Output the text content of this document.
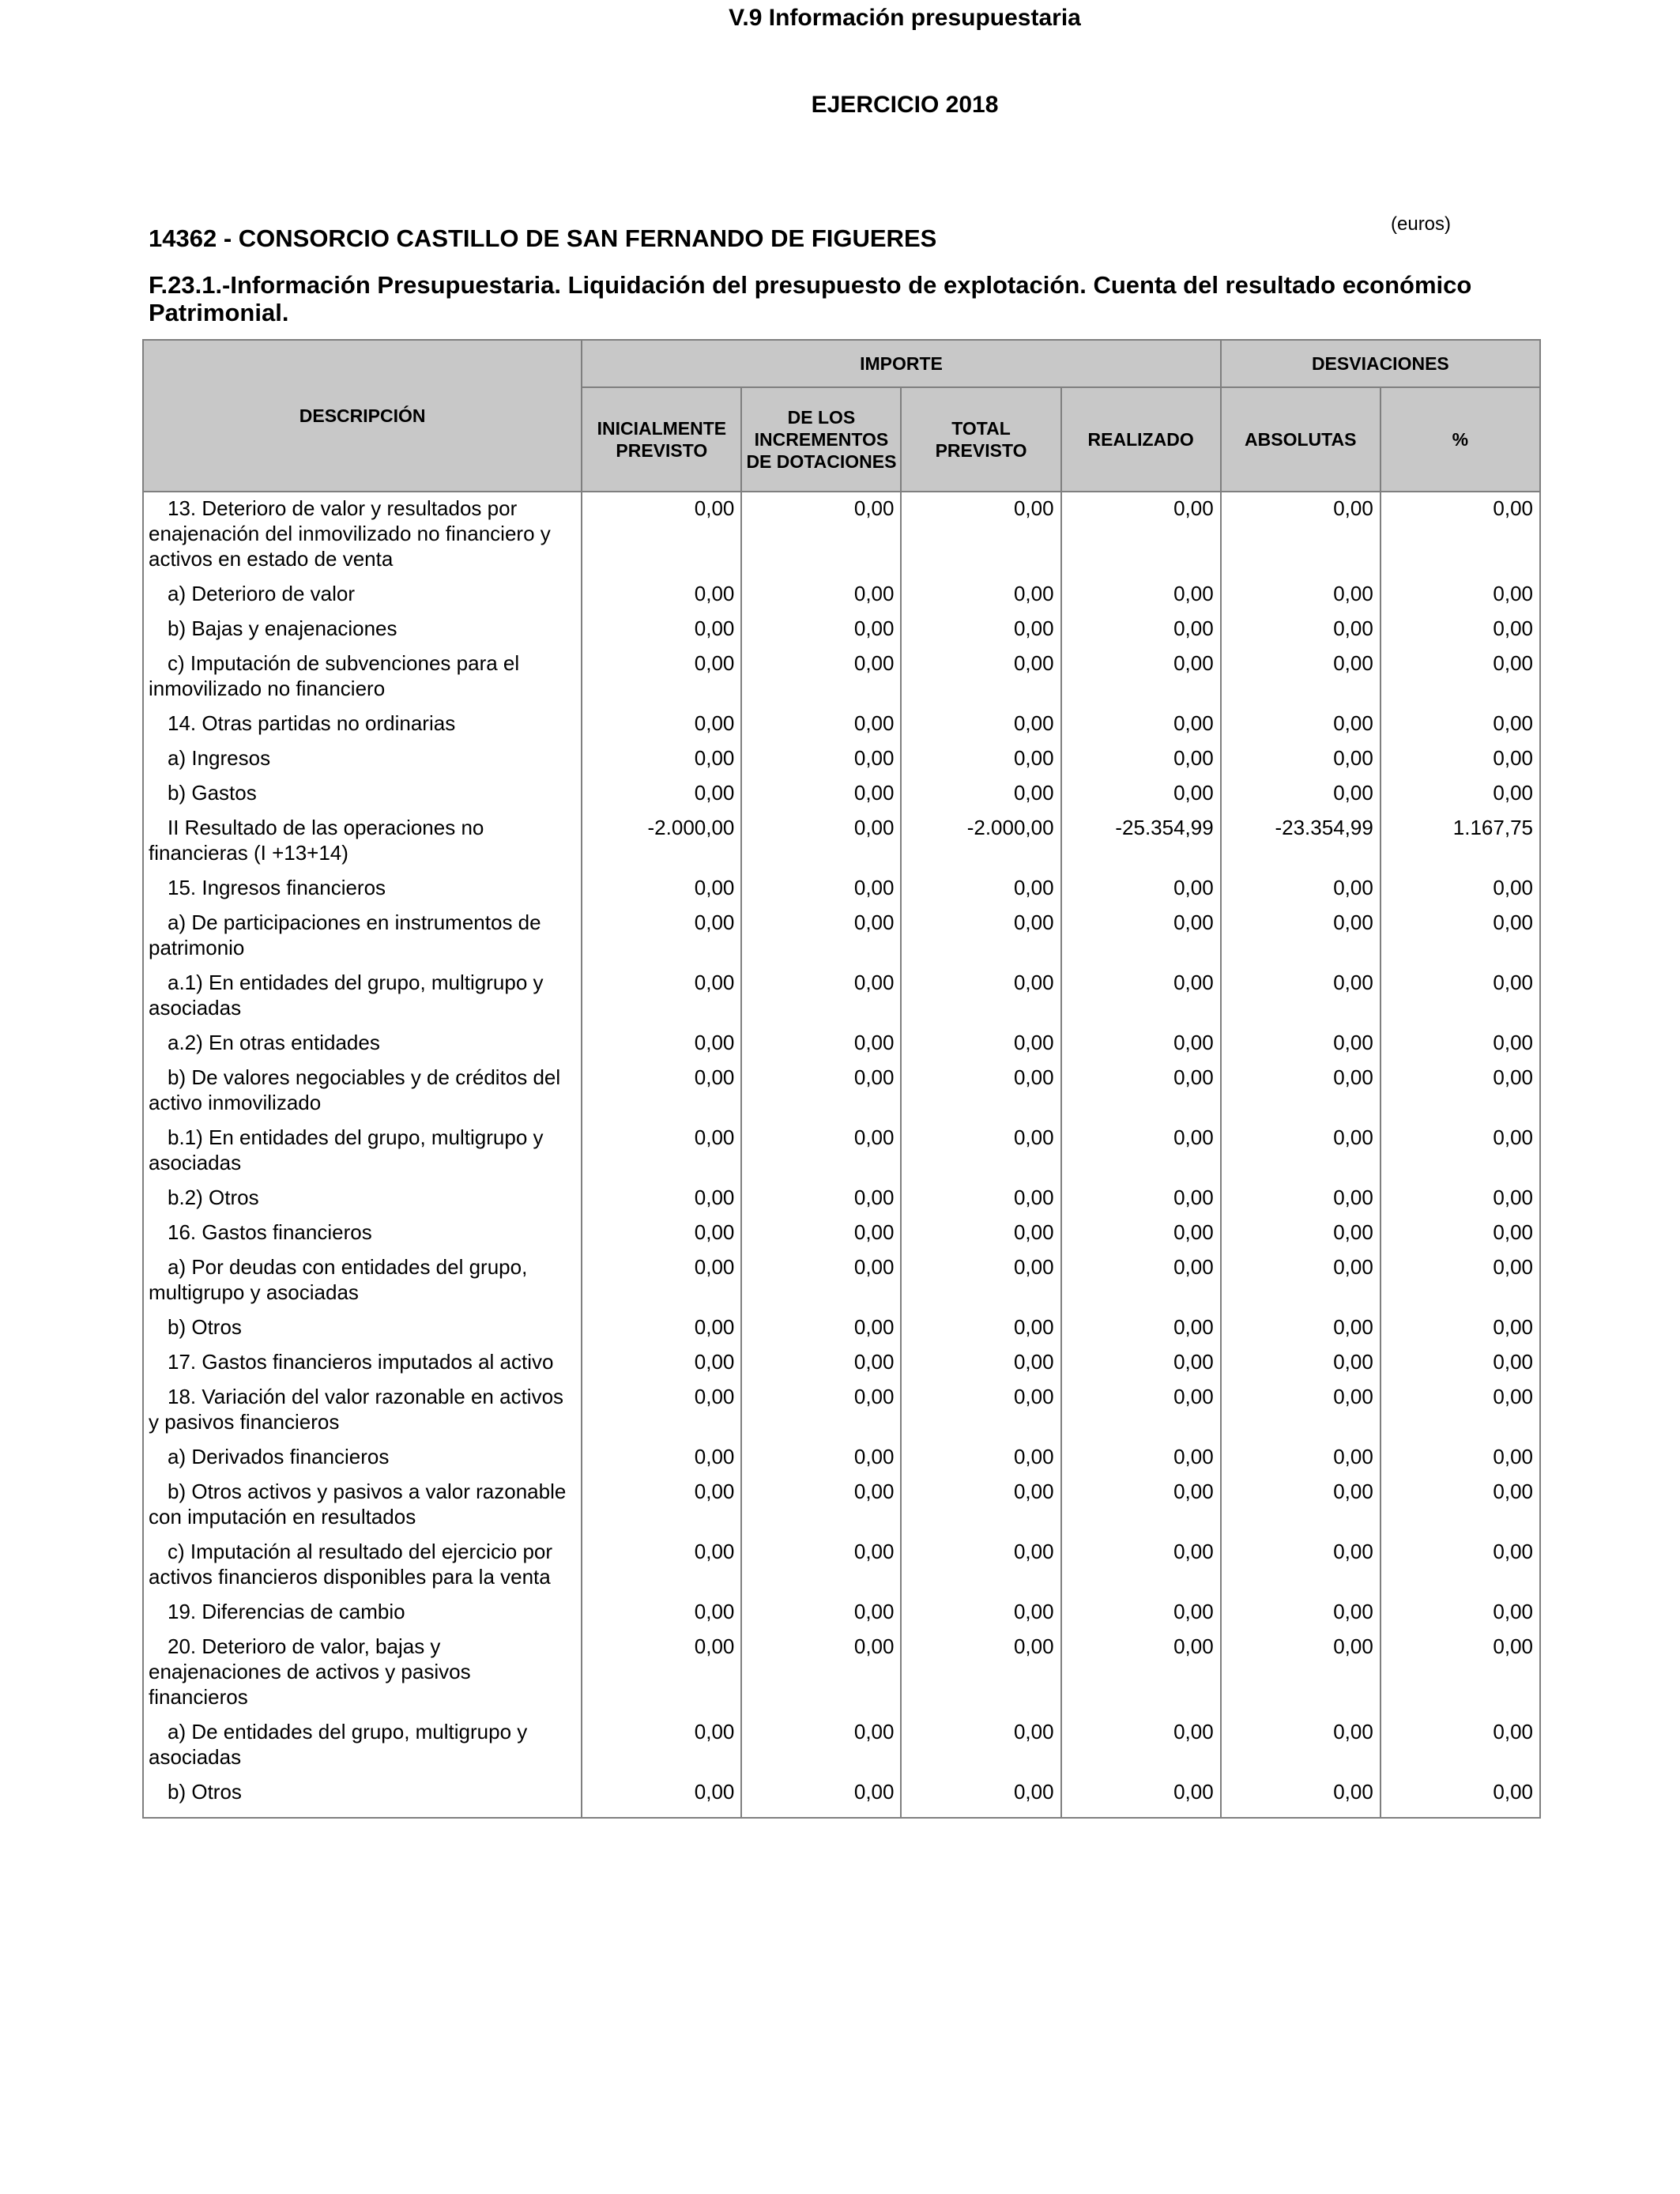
V.9 Información presupuestaria
EJERCICIO 2018
(euros)
14362 - CONSORCIO CASTILLO DE SAN FERNANDO DE FIGUERES
F.23.1.-Información Presupuestaria. Liquidación del presupuesto de explotación. Cuenta del resultado económico Patrimonial.
DESCRIPCIÓN	IMPORTE				DESVIACIONES	
	INICIALMENTE PREVISTO	DE LOS INCREMENTOS DE DOTACIONES	TOTAL PREVISTO	REALIZADO	ABSOLUTAS	%
13. Deterioro de valor y resultados por enajenación del inmovilizado no financiero y activos en estado de venta	0,00	0,00	0,00	0,00	0,00	0,00
a) Deterioro de valor	0,00	0,00	0,00	0,00	0,00	0,00
b) Bajas y enajenaciones	0,00	0,00	0,00	0,00	0,00	0,00
c) Imputación de subvenciones para el inmovilizado no financiero	0,00	0,00	0,00	0,00	0,00	0,00
14. Otras partidas no ordinarias	0,00	0,00	0,00	0,00	0,00	0,00
a) Ingresos	0,00	0,00	0,00	0,00	0,00	0,00
b) Gastos	0,00	0,00	0,00	0,00	0,00	0,00
II Resultado de las operaciones no financieras (I +13+14)	-2.000,00	0,00	-2.000,00	-25.354,99	-23.354,99	1.167,75
15. Ingresos financieros	0,00	0,00	0,00	0,00	0,00	0,00
a) De participaciones en instrumentos de patrimonio	0,00	0,00	0,00	0,00	0,00	0,00
a.1) En entidades del grupo, multigrupo y asociadas	0,00	0,00	0,00	0,00	0,00	0,00
a.2) En otras entidades	0,00	0,00	0,00	0,00	0,00	0,00
b) De valores negociables y de créditos del activo inmovilizado	0,00	0,00	0,00	0,00	0,00	0,00
b.1) En entidades del grupo, multigrupo y asociadas	0,00	0,00	0,00	0,00	0,00	0,00
b.2) Otros	0,00	0,00	0,00	0,00	0,00	0,00
16. Gastos financieros	0,00	0,00	0,00	0,00	0,00	0,00
a) Por deudas con entidades del grupo, multigrupo y asociadas	0,00	0,00	0,00	0,00	0,00	0,00
b) Otros	0,00	0,00	0,00	0,00	0,00	0,00
17. Gastos financieros imputados al activo	0,00	0,00	0,00	0,00	0,00	0,00
18. Variación del valor razonable en activos y pasivos financieros	0,00	0,00	0,00	0,00	0,00	0,00
a) Derivados financieros	0,00	0,00	0,00	0,00	0,00	0,00
b) Otros activos y pasivos a valor razonable con imputación en resultados	0,00	0,00	0,00	0,00	0,00	0,00
c) Imputación al resultado del ejercicio por activos financieros disponibles para la venta	0,00	0,00	0,00	0,00	0,00	0,00
19. Diferencias de cambio	0,00	0,00	0,00	0,00	0,00	0,00
20. Deterioro de valor, bajas y enajenaciones de activos y pasivos financieros	0,00	0,00	0,00	0,00	0,00	0,00
a) De entidades del grupo, multigrupo y asociadas	0,00	0,00	0,00	0,00	0,00	0,00
b) Otros	0,00	0,00	0,00	0,00	0,00	0,00
